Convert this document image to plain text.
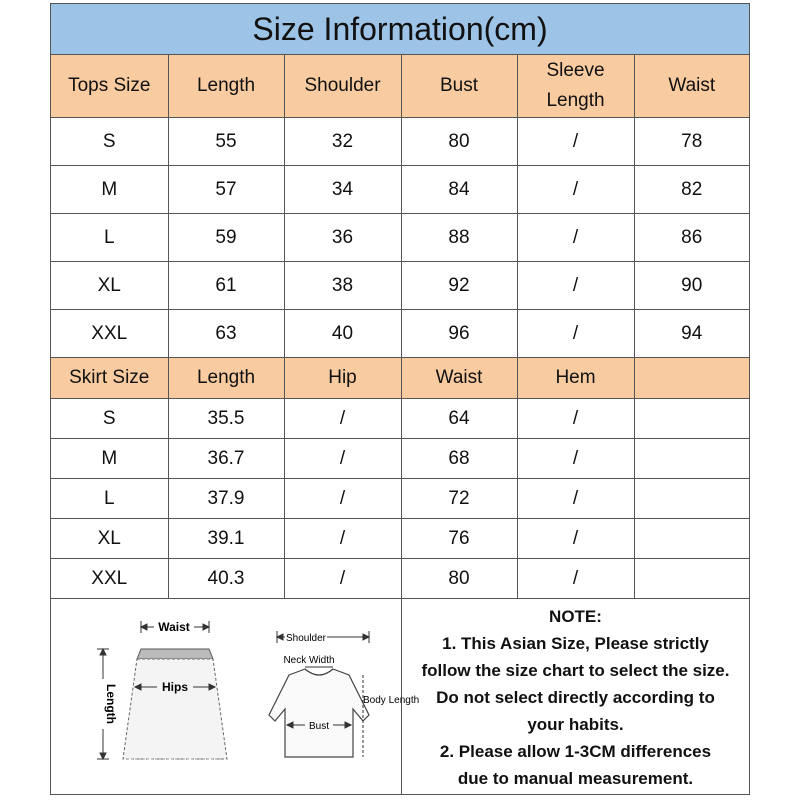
Size Information(cm)
Tops Size	Length	Shoulder	Bust	Sleeve Length	Waist
S	55	32	80	/	78
M	57	34	84	/	82
L	59	36	88	/	86
XL	61	38	92	/	90
XXL	63	40	96	/	94
Skirt Size	Length	Hip	Waist	Hem	
S	35.5	/	64	/	
M	36.7	/	68	/	
L	37.9	/	72	/	
XL	39.1	/	76	/	
XXL	40.3	/	80	/	
Waist
Hips
Length
Shoulder
Neck Width
Body Length
Bust
NOTE:
1. This Asian Size, Please strictly
follow the size chart to select the size.
Do not select directly according to
your habits.
2. Please allow 1-3CM differences
due to manual measurement.
